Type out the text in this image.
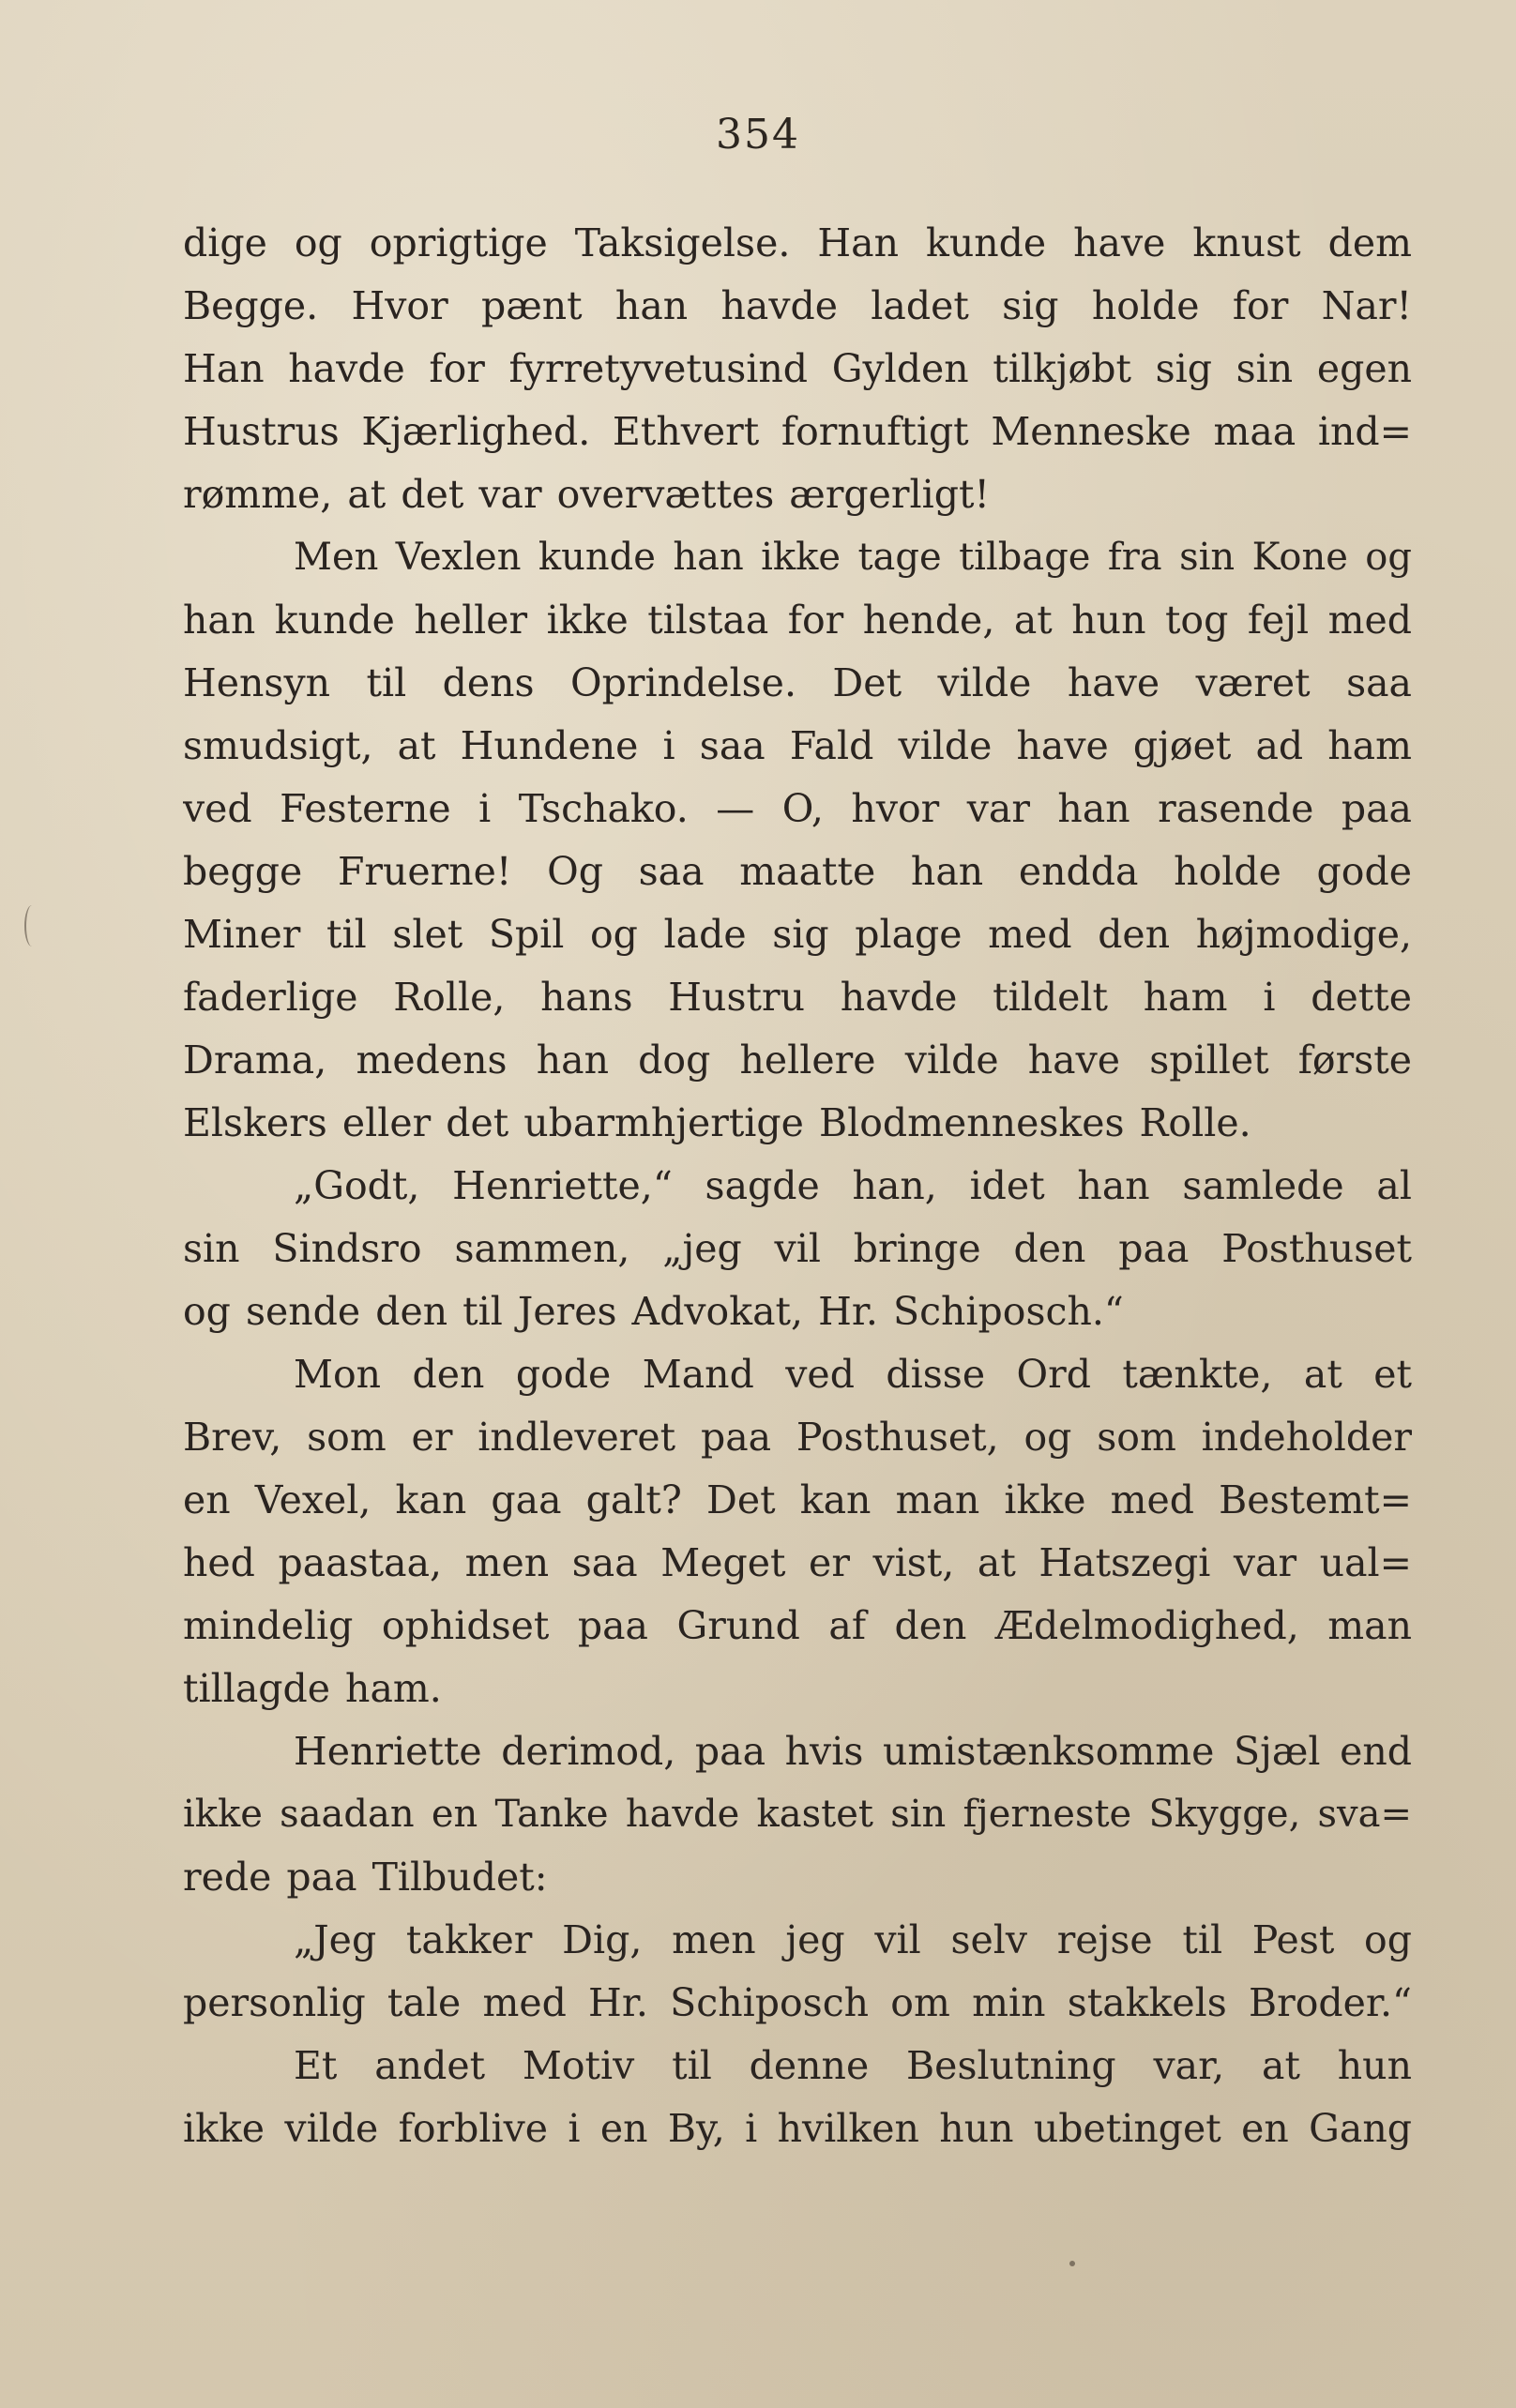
354
dige og oprigtige Taksigelse. Han kunde have knust dem
Begge. Hvor pænt han havde ladet sig holde for Nar!
Han havde for fyrretyvetusind Gylden tilkjøbt sig sin egen
Hustrus Kjærlighed. Ethvert fornuftigt Menneske maa ind=
rømme, at det var overvættes ærgerligt!
Men Vexlen kunde han ikke tage tilbage fra sin Kone og
han kunde heller ikke tilstaa for hende, at hun tog fejl med
Hensyn til dens Oprindelse. Det vilde have været saa
smudsigt, at Hundene i saa Fald vilde have gjøet ad ham
ved Festerne i Tschako. — O, hvor var han rasende paa
begge Fruerne! Og saa maatte han endda holde gode
Miner til slet Spil og lade sig plage med den højmodige,
faderlige Rolle, hans Hustru havde tildelt ham i dette
Drama, medens han dog hellere vilde have spillet første
Elskers eller det ubarmhjertige Blodmenneskes Rolle.
„Godt, Henriette,“ sagde han, idet han samlede al
sin Sindsro sammen, „jeg vil bringe den paa Posthuset
og sende den til Jeres Advokat, Hr. Schiposch.“
Mon den gode Mand ved disse Ord tænkte, at et
Brev, som er indleveret paa Posthuset, og som indeholder
en Vexel, kan gaa galt? Det kan man ikke med Bestemt=
hed paastaa, men saa Meget er vist, at Hatszegi var ual=
mindelig ophidset paa Grund af den Ædelmodighed, man
tillagde ham.
Henriette derimod, paa hvis umistænksomme Sjæl end
ikke saadan en Tanke havde kastet sin fjerneste Skygge, sva=
rede paa Tilbudet:
„Jeg takker Dig, men jeg vil selv rejse til Pest og
personlig tale med Hr. Schiposch om min stakkels Broder.“
Et andet Motiv til denne Beslutning var, at hun
ikke vilde forblive i en By, i hvilken hun ubetinget en Gang
